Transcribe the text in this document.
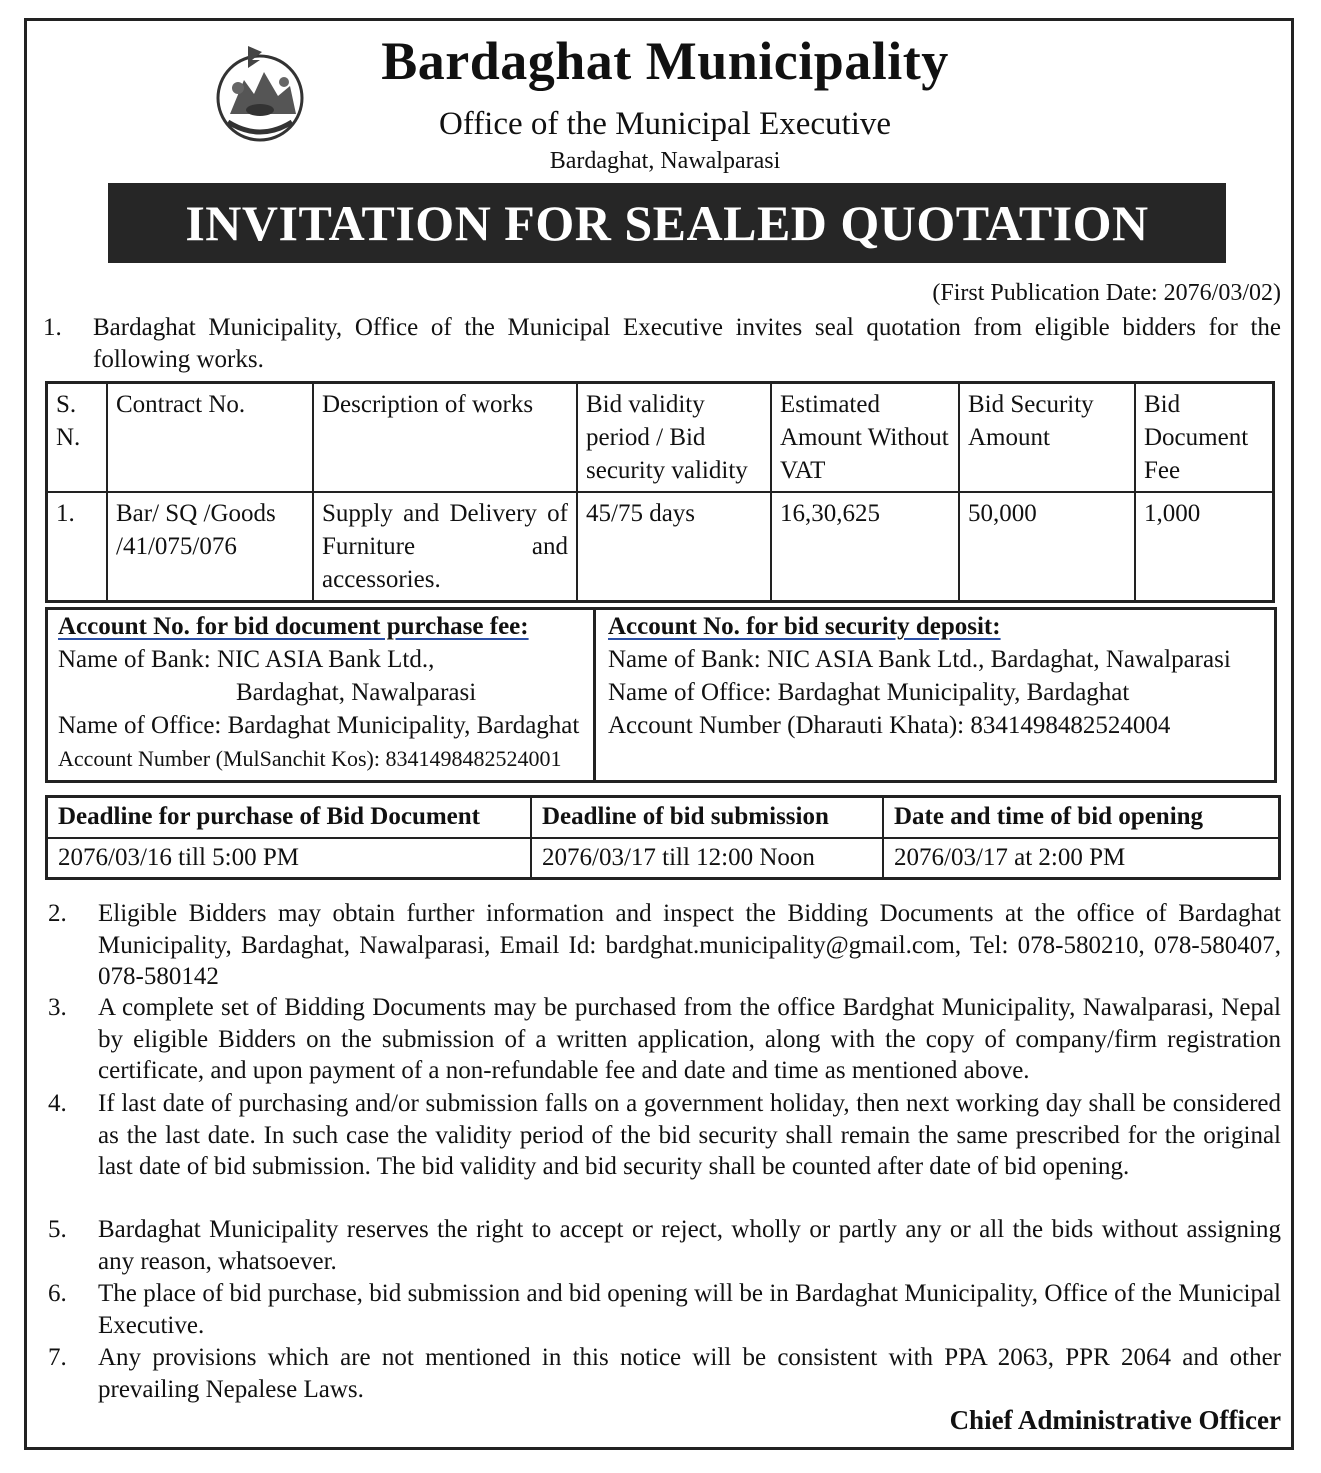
Bardaghat Municipality
Office of the Municipal Executive
Bardaghat, Nawalparasi
INVITATION FOR SEALED QUOTATION
(First Publication Date: 2076/03/02)
1. Bardaghat Municipality, Office of the Municipal Executive invites seal quotation from eligible bidders for the following works.
S.
N.	Contract No.	Description of works	Bid validity period / Bid security validity	Estimated Amount Without VAT	Bid Security Amount	Bid Document Fee
1.	Bar/ SQ /Goods /41/075/076	Supply and Delivery of Furniture and accessories.	45/75 days	16,30,625	50,000	1,000
Account No. for bid document purchase fee:
Name of Bank: NIC ASIA Bank Ltd.,
Bardaghat, Nawalparasi
Name of Office: Bardaghat Municipality, Bardaghat
Account Number (MulSanchit Kos): 8341498482524001
Account No. for bid security deposit:
Name of Bank: NIC ASIA Bank Ltd., Bardaghat, Nawalparasi
Name of Office: Bardaghat Municipality, Bardaghat
Account Number (Dharauti Khata): 8341498482524004
Deadline for purchase of Bid Document	Deadline of bid submission	Date and time of bid opening
2076/03/16 till 5:00 PM	2076/03/17 till 12:00 Noon	2076/03/17 at 2:00 PM
2. Eligible Bidders may obtain further information and inspect the Bidding Documents at the office of Bardaghat Municipality, Bardaghat, Nawalparasi, Email Id: bardghat.municipality@gmail.com, Tel: 078-580210, 078-580407, 078-580142
3. A complete set of Bidding Documents may be purchased from the office Bardghat Municipality, Nawalparasi, Nepal by eligible Bidders on the submission of a written application, along with the copy of company/firm registration certificate, and upon payment of a non-refundable fee and date and time as mentioned above.
4. If last date of purchasing and/or submission falls on a government holiday, then next working day shall be considered as the last date. In such case the validity period of the bid security shall remain the same prescribed for the original last date of bid submission. The bid validity and bid security shall be counted after date of bid opening.
5. Bardaghat Municipality reserves the right to accept or reject, wholly or partly any or all the bids without assigning any reason, whatsoever.
6. The place of bid purchase, bid submission and bid opening will be in Bardaghat Municipality, Office of the Municipal Executive.
7. Any provisions which are not mentioned in this notice will be consistent with PPA 2063, PPR 2064 and other prevailing Nepalese Laws.
Chief Administrative Officer
